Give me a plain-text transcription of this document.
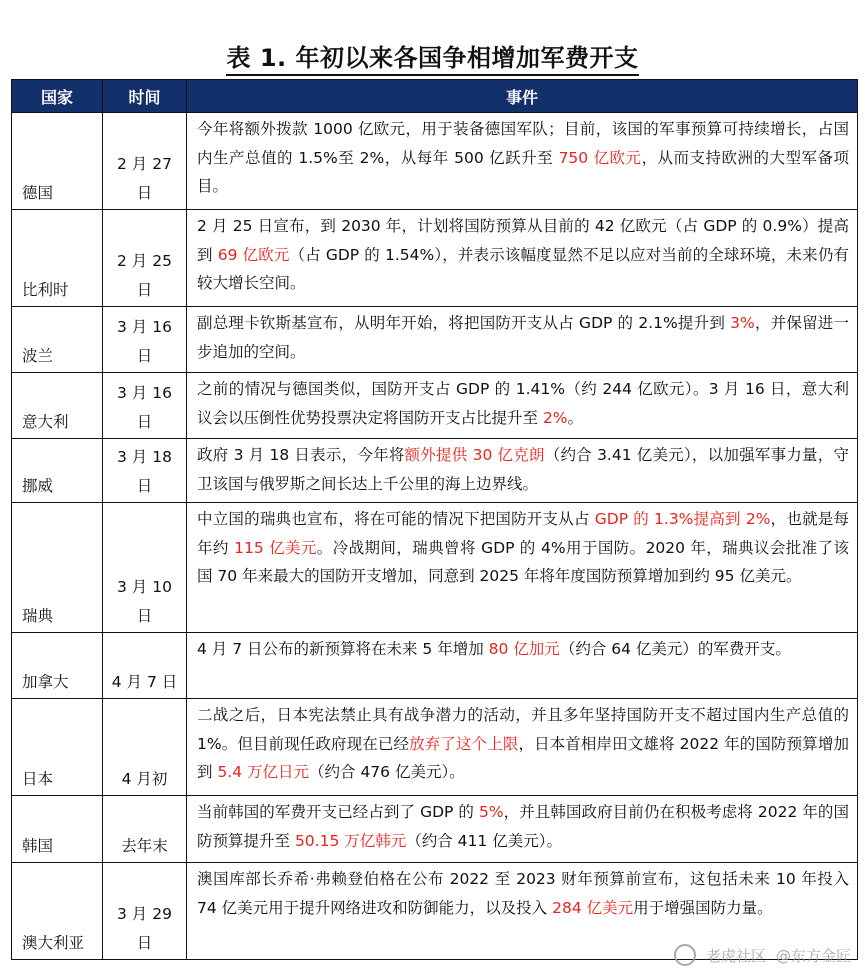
表 1. 年初以来各国争相增加军费开支
国家	时间	事件
德国	2 月 27 日	今年将额外拨款 1000 亿欧元，用于装备德国军队；目前，该国的军事预算可持续增长，占国内生产总值的 1.5%至 2%，从每年 500 亿跃升至 750 亿欧元，从而支持欧洲的大型军备项目。
比利时	2 月 25 日	2 月 25 日宣布，到 2030 年，计划将国防预算从目前的 42 亿欧元（占 GDP 的 0.9%）提高到 69 亿欧元（占 GDP 的 1.54%），并表示该幅度显然不足以应对当前的全球环境，未来仍有较大增长空间。
波兰	3 月 16 日	副总理卡钦斯基宣布，从明年开始，将把国防开支从占 GDP 的 2.1%提升到 3%，并保留进一步追加的空间。
意大利	3 月 16 日	之前的情况与德国类似，国防开支占 GDP 的 1.41%（约 244 亿欧元）。3 月 16 日，意大利议会以压倒性优势投票决定将国防开支占比提升至 2%。
挪威	3 月 18 日	政府 3 月 18 日表示，今年将额外提供 30 亿克朗（约合 3.41 亿美元），以加强军事力量，守卫该国与俄罗斯之间长达上千公里的海上边界线。
瑞典	3 月 10 日	中立国的瑞典也宣布，将在可能的情况下把国防开支从占 GDP 的 1.3%提高到 2%，也就是每年约 115 亿美元。冷战期间，瑞典曾将 GDP 的 4%用于国防。2020 年，瑞典议会批准了该国 70 年来最大的国防开支增加，同意到 2025 年将年度国防预算增加到约 95 亿美元。
加拿大	4 月 7 日	4 月 7 日公布的新预算将在未来 5 年增加 80 亿加元（约合 64 亿美元）的军费开支。
日本	4 月初	二战之后，日本宪法禁止具有战争潜力的活动，并且多年坚持国防开支不超过国内生产总值的 1%。但目前现任政府现在已经放弃了这个上限，日本首相岸田文雄将 2022 年的国防预算增加到 5.4 万亿日元（约合 476 亿美元）。
韩国	去年末	当前韩国的军费开支已经占到了 GDP 的 5%，并且韩国政府目前仍在积极考虑将 2022 年的国防预算提升至 50.15 万亿韩元（约合 411 亿美元）。
澳大利亚	3 月 29 日	澳国库部长乔希·弗赖登伯格在公布 2022 至 2023 财年预算前宣布，这包括未来 10 年投入 74 亿美元用于提升网络进攻和防御能力，以及投入 284 亿美元用于增强国防力量。
老虎社区 @东方金匠
